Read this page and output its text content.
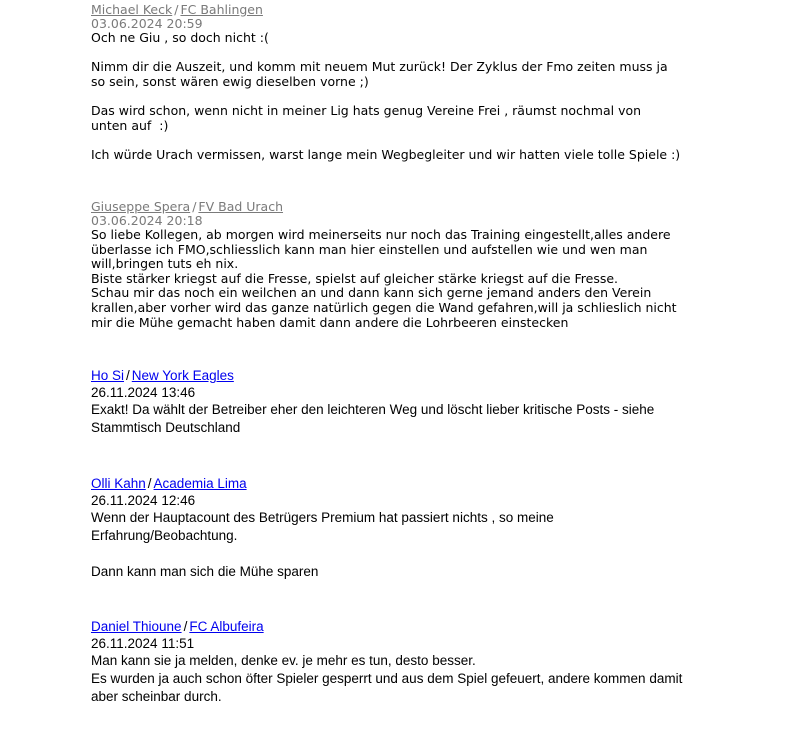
Michael Keck / FC Bahlingen
03.06.2024 20:59
Och ne Giu , so doch nicht :(

Nimm dir die Auszeit, und komm mit neuem Mut zurück! Der Zyklus der Fmo zeiten muss ja so sein, sonst wären ewig dieselben vorne ;)

Das wird schon, wenn nicht in meiner Lig hats genug Vereine Frei , räumst nochmal von unten auf  :)

Ich würde Urach vermissen, warst lange mein Wegbegleiter und wir hatten viele tolle Spiele :)
Giuseppe Spera / FV Bad Urach
03.06.2024 20:18
So liebe Kollegen, ab morgen wird meinerseits nur noch das Training eingestellt,alles andere überlasse ich FMO,schliesslich kann man hier einstellen und aufstellen wie und wen man will,bringen tuts eh nix.
Biste stärker kriegst auf die Fresse, spielst auf gleicher stärke kriegst auf die Fresse.
Schau mir das noch ein weilchen an und dann kann sich gerne jemand anders den Verein krallen,aber vorher wird das ganze natürlich gegen die Wand gefahren,will ja schlieslich nicht mir die Mühe gemacht haben damit dann andere die Lohrbeeren einstecken
Ho Si / New York Eagles
26.11.2024 13:46
Exakt! Da wählt der Betreiber eher den leichteren Weg und löscht lieber kritische Posts - siehe Stammtisch Deutschland
Olli Kahn / Academia Lima
26.11.2024 12:46
Wenn der Hauptacount des Betrügers Premium hat passiert nichts , so meine Erfahrung/Beobachtung.

Dann kann man sich die Mühe sparen
Daniel Thioune / FC Albufeira
26.11.2024 11:51
Man kann sie ja melden, denke ev. je mehr es tun, desto besser.
Es wurden ja auch schon öfter Spieler gesperrt und aus dem Spiel gefeuert, andere kommen damit aber scheinbar durch.
